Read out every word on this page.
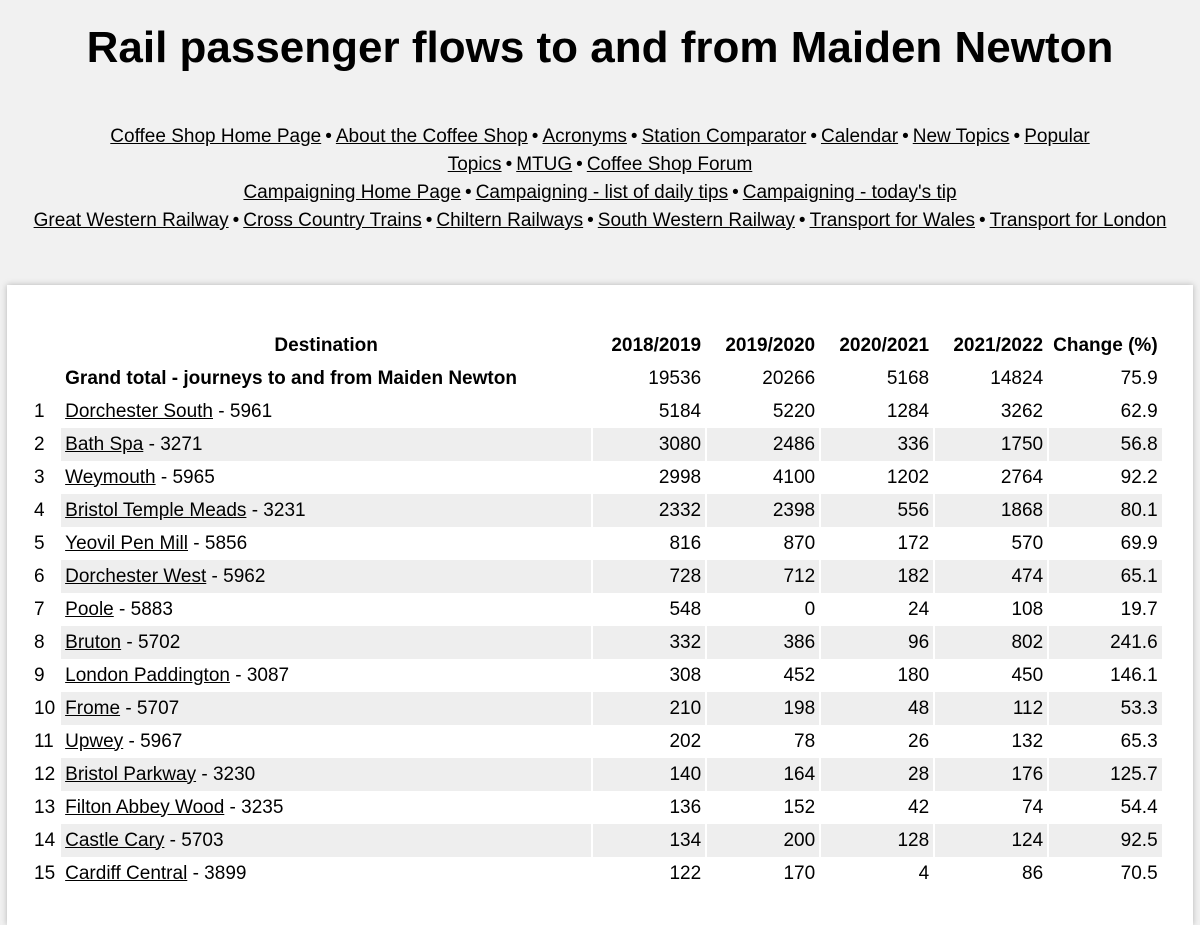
Rail passenger flows to and from Maiden Newton
Coffee Shop Home Page • About the Coffee Shop • Acronyms • Station Comparator • Calendar • New Topics • Popular Topics • MTUG • Coffee Shop Forum
Campaigning Home Page • Campaigning - list of daily tips • Campaigning - today's tip
Great Western Railway • Cross Country Trains • Chiltern Railways • South Western Railway • Transport for Wales • Transport for London
	Destination	2018/2019	2019/2020	2020/2021	2021/2022	Change (%)
	Grand total - journeys to and from Maiden Newton	19536	20266	5168	14824	75.9
1	Dorchester South - 5961	5184	5220	1284	3262	62.9
2	Bath Spa - 3271	3080	2486	336	1750	56.8
3	Weymouth - 5965	2998	4100	1202	2764	92.2
4	Bristol Temple Meads - 3231	2332	2398	556	1868	80.1
5	Yeovil Pen Mill - 5856	816	870	172	570	69.9
6	Dorchester West - 5962	728	712	182	474	65.1
7	Poole - 5883	548	0	24	108	19.7
8	Bruton - 5702	332	386	96	802	241.6
9	London Paddington - 3087	308	452	180	450	146.1
10	Frome - 5707	210	198	48	112	53.3
11	Upwey - 5967	202	78	26	132	65.3
12	Bristol Parkway - 3230	140	164	28	176	125.7
13	Filton Abbey Wood - 3235	136	152	42	74	54.4
14	Castle Cary - 5703	134	200	128	124	92.5
15	Cardiff Central - 3899	122	170	4	86	70.5
